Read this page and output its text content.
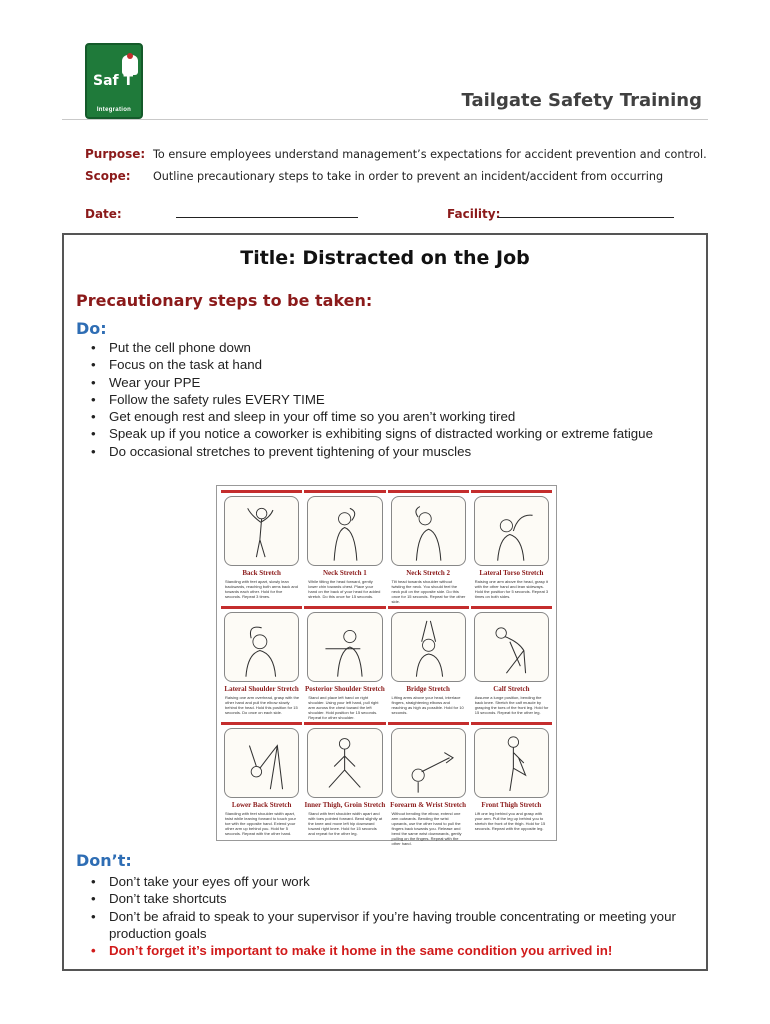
Saf T
Integration	Tailgate Safety Training
Purpose: To ensure employees understand management’s expectations for accident prevention and control.
Scope: Outline precautionary steps to take in order to prevent an incident/accident from occurring
Date:	Facility:
Title: Distracted on the Job
Precautionary steps to be taken:
Do:
• Put the cell phone down
• Focus on the task at hand
• Wear your PPE
• Follow the safety rules EVERY TIME
• Get enough rest and sleep in your off time so you aren’t working tired
• Speak up if you notice a coworker is exhibiting signs of distracted working or extreme fatigue
• Do occasional stretches to prevent tightening of your muscles
Back Stretch
Standing with feet apart, slowly lean backwards, reaching both arms back and towards each other. Hold for five seconds. Repeat 3 times.
Neck Stretch 1
While tilting the head forward, gently lower chin towards chest. Place your hand on the back of your head for added stretch. Do this once for 15 seconds.
Neck Stretch 2
Tilt head towards shoulder without twisting the neck. You should feel the neck pull on the opposite side. Do this once for 15 seconds. Repeat for the other side.
Lateral Torso Stretch
Raising one arm above the head, grasp it with the other hand and lean sideways. Hold the position for 5 seconds. Repeat 3 times on both sides.
Lateral Shoulder Stretch
Raising one arm overhead, grasp with the other hand and pull the elbow slowly behind the head. Hold this position for 15 seconds. Do once on each side.
Posterior Shoulder Stretch
Stand and place left hand on right shoulder. Using your left hand, pull right arm across the chest toward the left shoulder. Hold position for 15 seconds. Repeat for other shoulder.
Bridge Stretch
Lifting arms above your head, interlace fingers, straightening elbows and reaching as high as possible. Hold for 10 seconds.
Calf Stretch
Assume a lunge position, bending the back knee. Stretch the calf muscle by grasping the toes of the front leg. Hold for 15 seconds. Repeat for the other leg.
Lower Back Stretch
Standing with feet shoulder width apart, twist while leaning forward to touch your toe with the opposite hand. Extend your other arm up behind you. Hold for 5 seconds. Repeat with the other hand.
Inner Thigh, Groin Stretch
Stand with feet shoulder width apart and with toes pointed forward. Bend slightly at the knee and move left hip downward toward right knee. Hold for 15 seconds and repeat for the other leg.
Forearm & Wrist Stretch
Without bending the elbow, extend one arm outwards. Bending the wrist upwards, use the other hand to pull the fingers back towards you. Release and bend the same wrist downwards, gently pulling on the fingers. Repeat with the other hand.
Front Thigh Stretch
Lift one leg behind you and grasp with your arm. Pull the leg up behind you to stretch the front of the thigh. Hold for 15 seconds. Repeat with the opposite leg.
Don’t:
• Don’t take your eyes off your work
• Don’t take shortcuts
• Don’t be afraid to speak to your supervisor if you’re having trouble concentrating or meeting your production goals
• Don’t forget it’s important to make it home in the same condition you arrived in!
